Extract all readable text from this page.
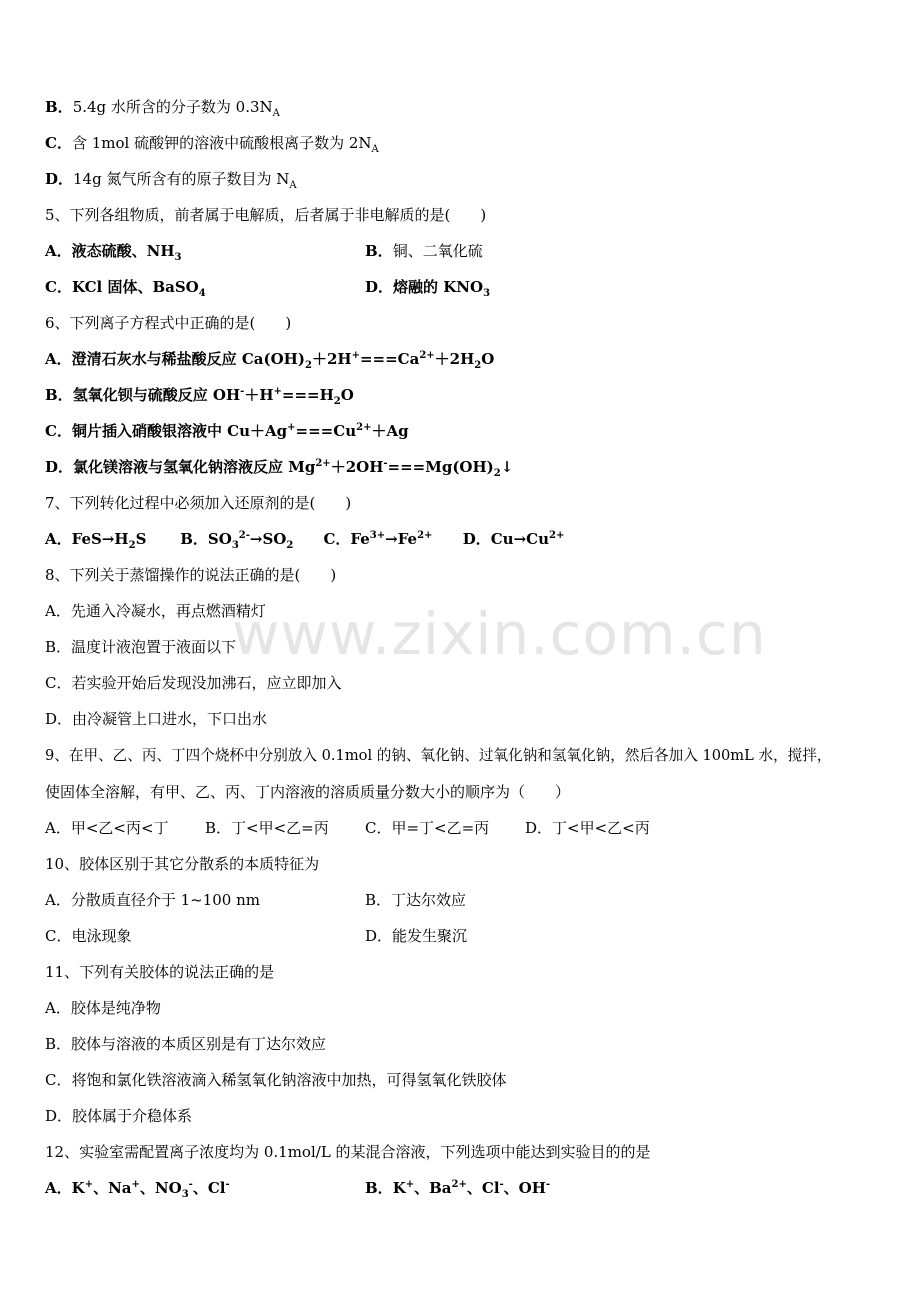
www.zixin.com.cn
B．5.4g 水所含的分子数为 $0.3N_A$
C．含 1mol 硫酸钾的溶液中硫酸根离子数为 $2N_A$
D．14g 氮气所含有的原子数目为 $N_A$
5、下列各组物质，前者属于电解质，后者属于非电解质的是(　　)
A．液态硫酸、$NH_3$	B．铜、二氧化硫
C．KCl 固体、BaSO$_4$	D．熔融的 $KNO_3$
6、下列离子方程式中正确的是(　　)
A．澄清石灰水与稀盐酸反应 $Ca(OH)_2+2H^+===Ca^{2+}+2H_2O$
B．氢氧化钡与硫酸反应 $OH^-+H^+===H_2O$
C．铜片插入硝酸银溶液中 $Cu+Ag^+===Cu^{2+}+Ag$
D．氯化镁溶液与氢氧化钠溶液反应 $Mg^{2+}+2OH^-===Mg(OH)_2↓$
7、下列转化过程中必须加入还原剂的是(　　)
A．$FeS\to H_2S$ B．$SO_3^{2-}\to SO_2$ C．$Fe^{3+}\to Fe^{2+}$ D．$Cu\to Cu^{2+}$
8、下列关于蒸馏操作的说法正确的是(　　)
A．先通入冷凝水，再点燃酒精灯
B．温度计液泡置于液面以下
C．若实验开始后发现没加沸石，应立即加入
D．由冷凝管上口进水，下口出水
9、在甲、乙、丙、丁四个烧杯中分别放入 0.1mol 的钠、氧化钠、过氧化钠和氢氧化钠，然后各加入 100mL 水，搅拌，
使固体全溶解，有甲、乙、丙、丁内溶液的溶质质量分数大小的顺序为（　　）
A．甲<乙<丙<丁 B．丁<甲<乙=丙 C．甲=丁<乙=丙 D．丁<甲<乙<丙
10、胶体区别于其它分散系的本质特征为
A．分散质直径介于 1~100 nm	B．丁达尔效应
C．电泳现象	D．能发生聚沉
11、下列有关胶体的说法正确的是
A．胶体是纯净物
B．胶体与溶液的本质区别是有丁达尔效应
C．将饱和氯化铁溶液滴入稀氢氧化钠溶液中加热，可得氢氧化铁胶体
D．胶体属于介稳体系
12、实验室需配置离子浓度均为 0.1mol/L 的某混合溶液，下列选项中能达到实验目的的是
A．K+、Na+、$NO_3^-$、Cl-	B．K+、$Ba^{2+}$、Cl-、OH-
